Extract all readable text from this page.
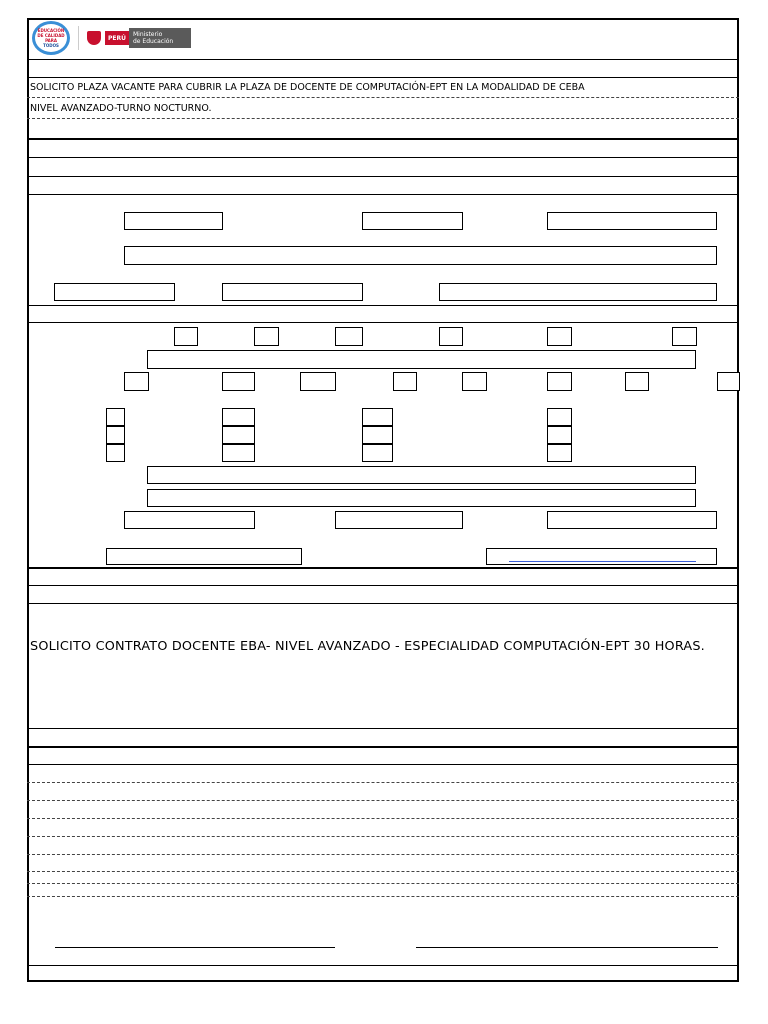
EDUCACIÓN
DE CALIDAD
PARA
TODOS
PERÚ	Ministerio
de Educación
SOLICITO PLAZA VACANTE PARA CUBRIR LA PLAZA DE DOCENTE DE COMPUTACIÓN-EPT EN LA MODALIDAD DE CEBA
NIVEL AVANZADO-TURNO NOCTURNO.
SOLICITO CONTRATO DOCENTE EBA- NIVEL AVANZADO - ESPECIALIDAD COMPUTACIÓN-EPT 30 HORAS.
